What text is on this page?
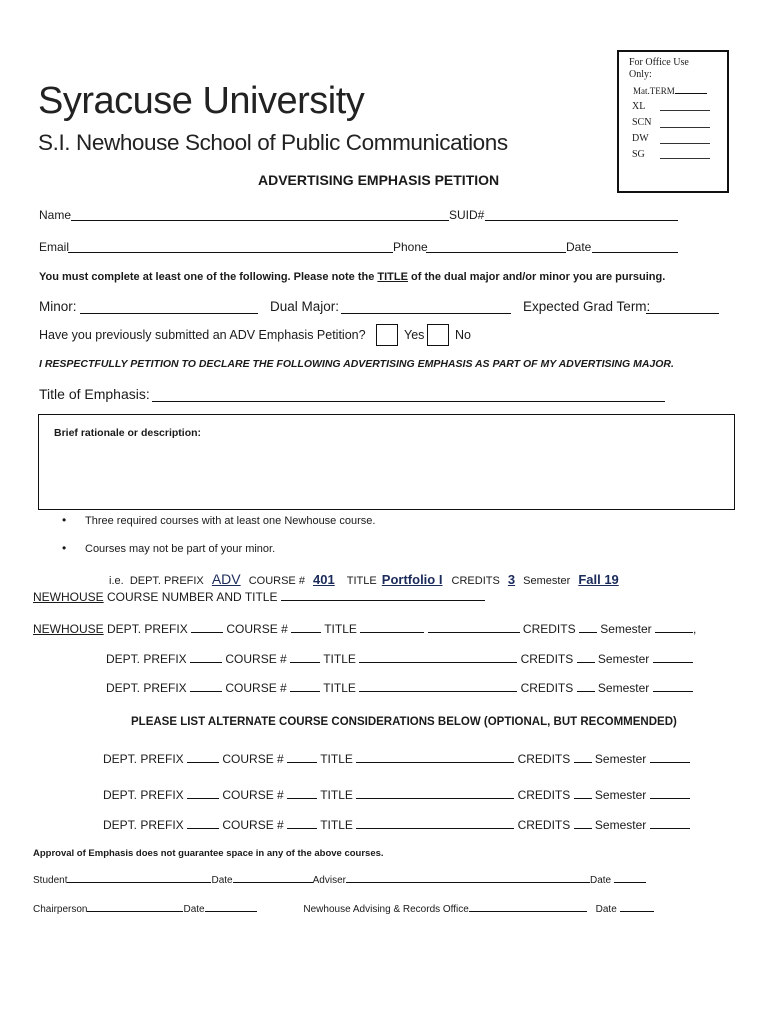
For Office Use Only:
Mat.TERM
XL
SCN
DW
SG
Syracuse University
S.I. Newhouse School of Public Communications
ADVERTISING EMPHASIS PETITION
Name	SUID#
Email	Phone	Date
You must complete at least one of the following. Please note the TITLE of the dual major and/or minor you are pursuing.
Minor:	Dual Major:	Expected Grad Term:
Have you previously submitted an ADV Emphasis Petition?	Yes No
I RESPECTFULLY PETITION TO DECLARE THE FOLLOWING ADVERTISING EMPHASIS AS PART OF MY ADVERTISING MAJOR.
Title of Emphasis:
Brief rationale or description:
• Three required courses with at least one Newhouse course.
• Courses may not be part of your minor.
i.e. DEPT. PREFIX ADV COURSE # 401 TITLE Portfolio I CREDITS 3 Semester Fall 19
NEWHOUSE COURSE NUMBER AND TITLE
NEWHOUSE DEPT. PREFIX	COURSE #	TITLE	CREDITS Semester	,
DEPT. PREFIX	COURSE #	TITLE	CREDITS Semester
DEPT. PREFIX	COURSE #	TITLE	CREDITS Semester
PLEASE LIST ALTERNATE COURSE CONSIDERATIONS BELOW (OPTIONAL, BUT RECOMMENDED)
DEPT. PREFIX	COURSE #	TITLE	CREDITS Semester
DEPT. PREFIX	COURSE #	TITLE	CREDITS Semester
DEPT. PREFIX	COURSE #	TITLE	CREDITS Semester
Approval of Emphasis does not guarantee space in any of the above courses.
Student	Date	Adviser	Date
Chairperson	Date	Newhouse Advising & Records Office	Date
